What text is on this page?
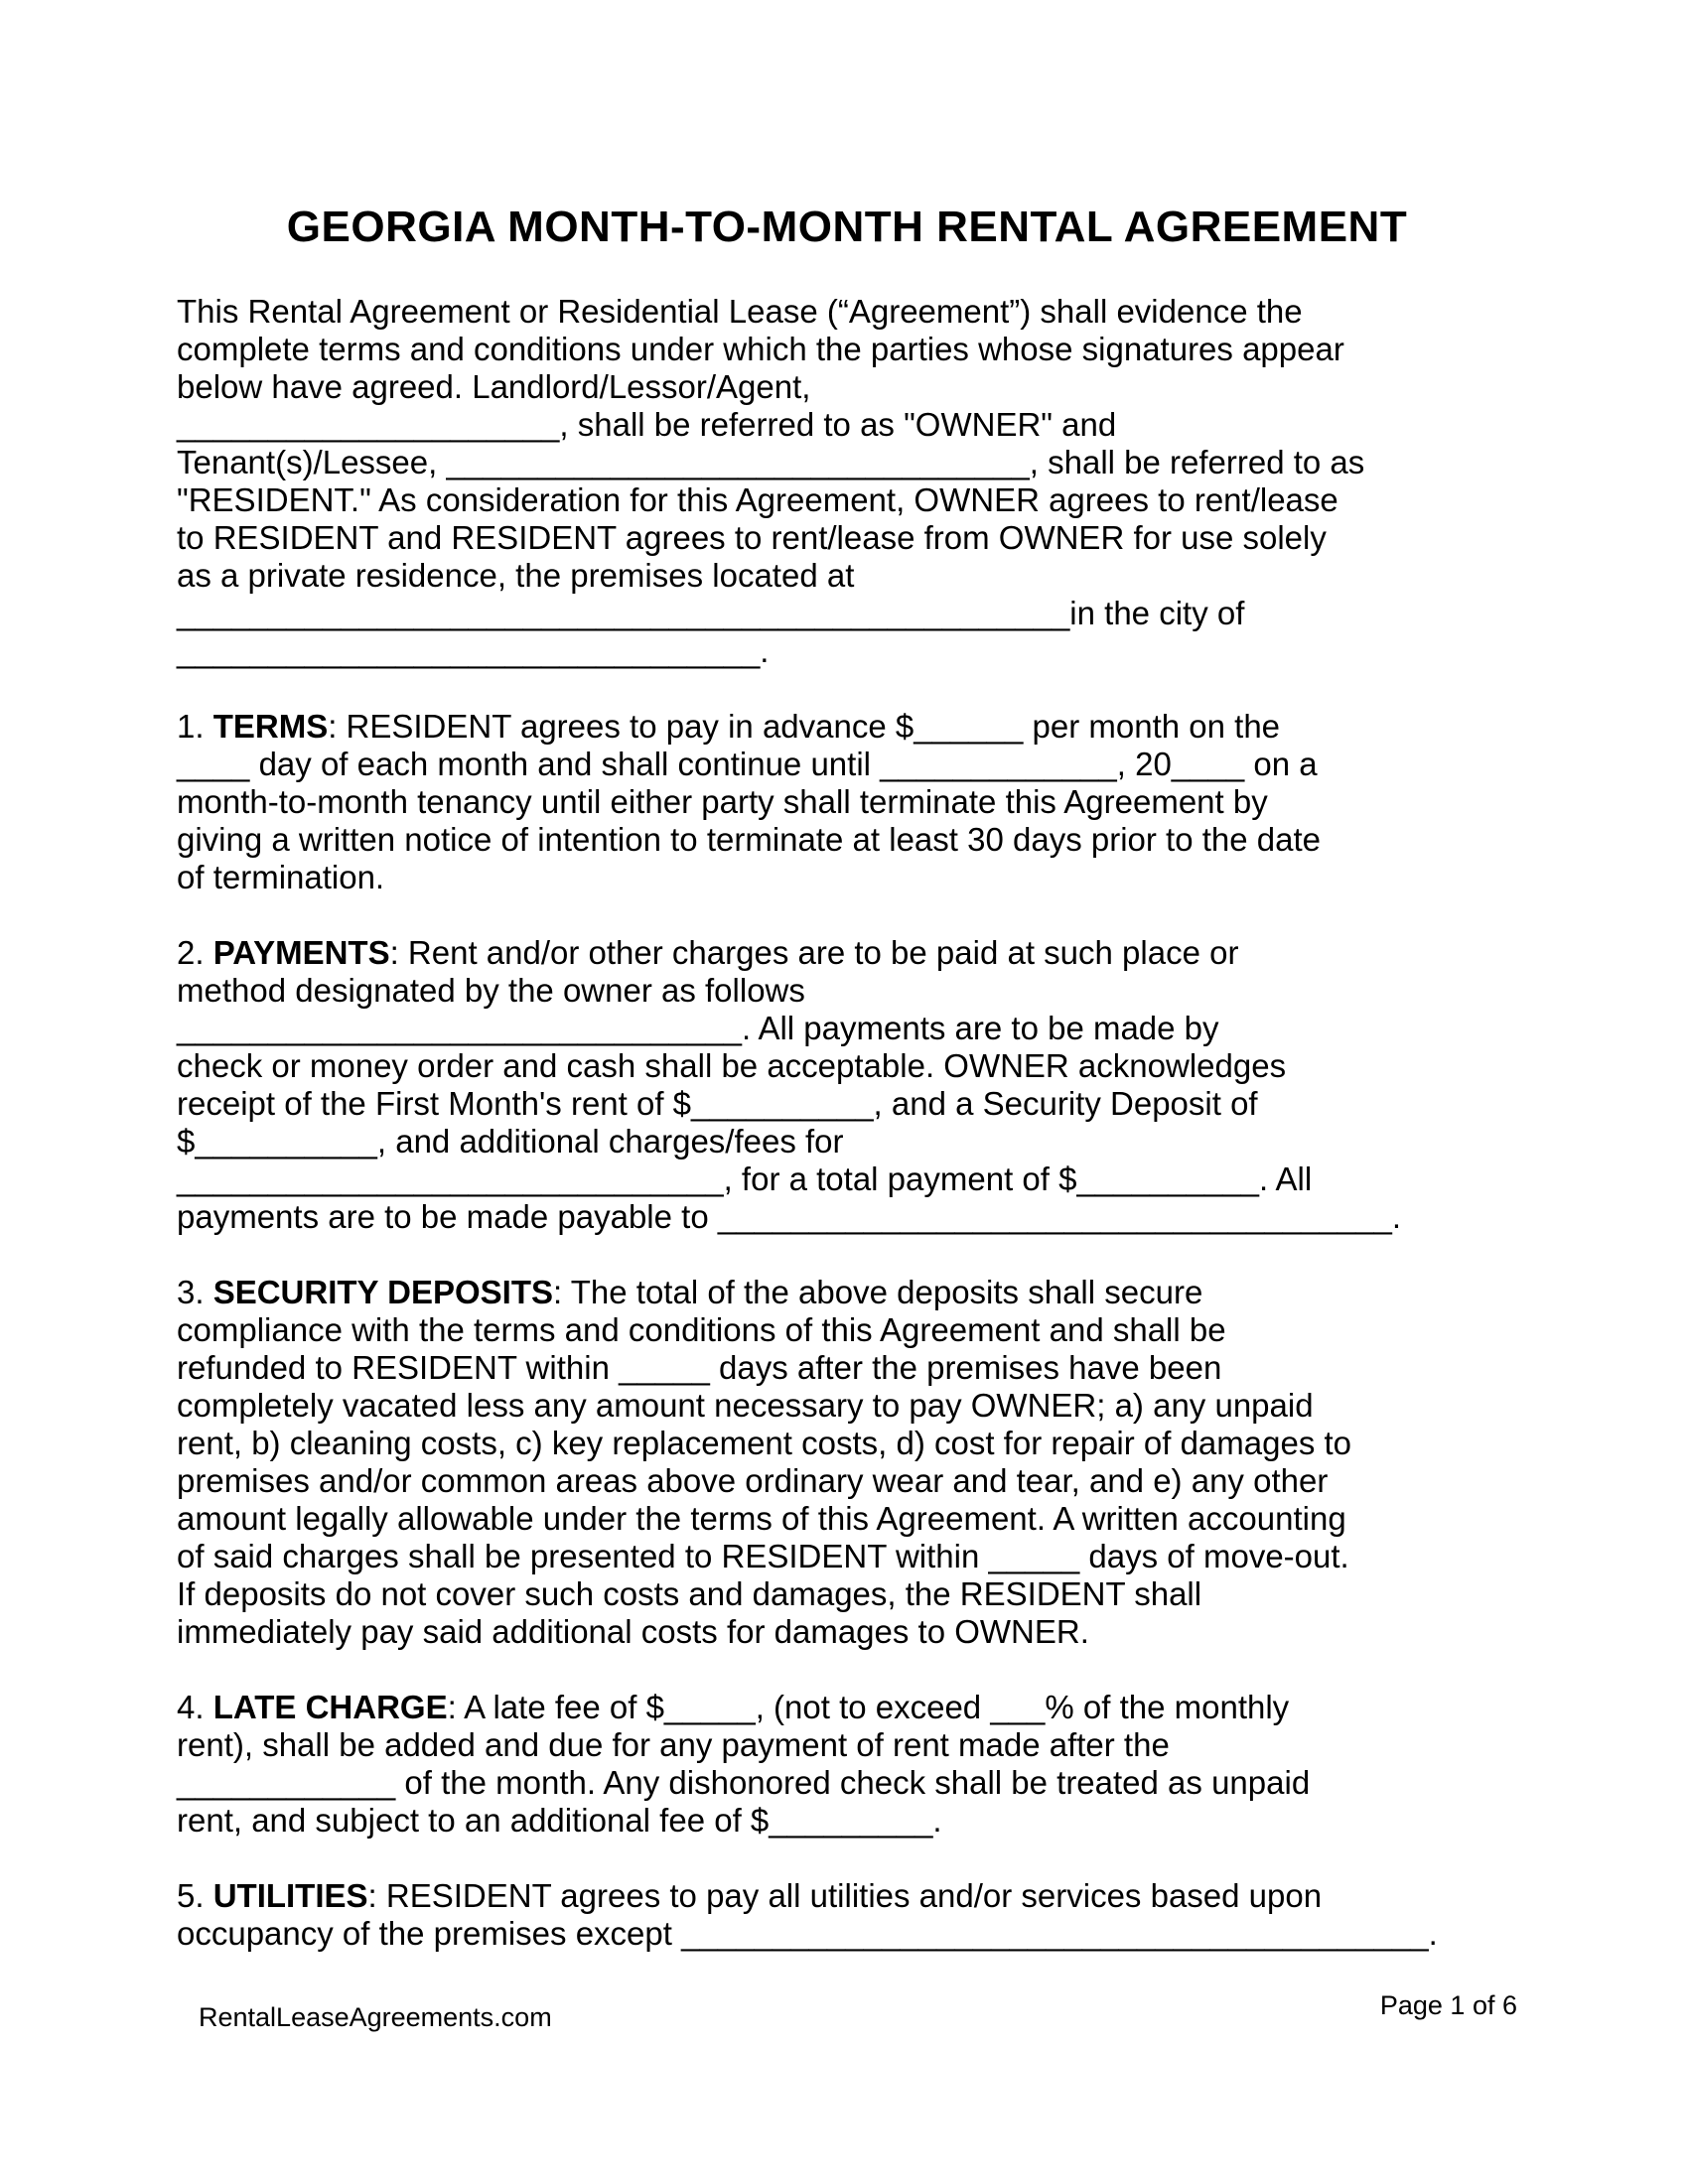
GEORGIA MONTH-TO-MONTH RENTAL AGREEMENT
This Rental Agreement or Residential Lease (“Agreement”) shall evidence the
complete terms and conditions under which the parties whose signatures appear
below have agreed. Landlord/Lessor/Agent,
_____________________, shall be referred to as "OWNER" and
Tenant(s)/Lessee, ________________________________, shall be referred to as
"RESIDENT." As consideration for this Agreement, OWNER agrees to rent/lease
to RESIDENT and RESIDENT agrees to rent/lease from OWNER for use solely
as a private residence, the premises located at
_________________________________________________in the city of
________________________________.
1. TERMS: RESIDENT agrees to pay in advance $______ per month on the
____ day of each month and shall continue until _____________, 20____ on a
month-to-month tenancy until either party shall terminate this Agreement by
giving a written notice of intention to terminate at least 30 days prior to the date
of termination.
2. PAYMENTS: Rent and/or other charges are to be paid at such place or
method designated by the owner as follows
_______________________________. All payments are to be made by
check or money order and cash shall be acceptable. OWNER acknowledges
receipt of the First Month's rent of $__________, and a Security Deposit of
$__________, and additional charges/fees for
______________________________, for a total payment of $__________. All
payments are to be made payable to _____________________________________.
3. SECURITY DEPOSITS: The total of the above deposits shall secure
compliance with the terms and conditions of this Agreement and shall be
refunded to RESIDENT within _____ days after the premises have been
completely vacated less any amount necessary to pay OWNER; a) any unpaid
rent, b) cleaning costs, c) key replacement costs, d) cost for repair of damages to
premises and/or common areas above ordinary wear and tear, and e) any other
amount legally allowable under the terms of this Agreement. A written accounting
of said charges shall be presented to RESIDENT within _____ days of move-out.
If deposits do not cover such costs and damages, the RESIDENT shall
immediately pay said additional costs for damages to OWNER.
4. LATE CHARGE: A late fee of $_____, (not to exceed ___% of the monthly
rent), shall be added and due for any payment of rent made after the
____________ of the month. Any dishonored check shall be treated as unpaid
rent, and subject to an additional fee of $_________.
5. UTILITIES: RESIDENT agrees to pay all utilities and/or services based upon
occupancy of the premises except _________________________________________.
RentalLeaseAgreements.com	Page 1 of 6
